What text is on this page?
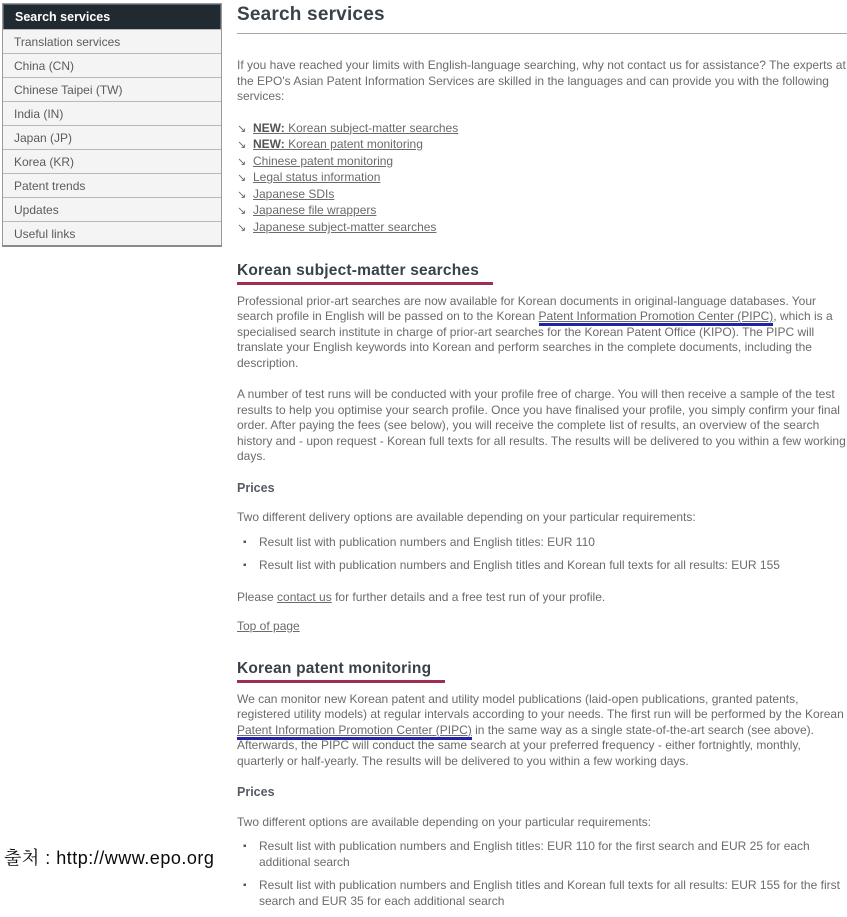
Search services
Translation services
China (CN)
Chinese Taipei (TW)
India (IN)
Japan (JP)
Korea (KR)
Patent trends
Updates
Useful links
Search services

If you have reached your limits with English-language searching, why not contact us for assistance? The experts at the EPO's Asian Patent Information Services are skilled in the languages and can provide you with the following services:

↘ NEW: Korean subject-matter searches
↘ NEW: Korean patent monitoring
↘ Chinese patent monitoring
↘ Legal status information
↘ Japanese SDIs
↘ Japanese file wrappers
↘ Japanese subject-matter searches
Korean subject-matter searches

Professional prior-art searches are now available for Korean documents in original-language databases. Your search profile in English will be passed on to the Korean Patent Information Promotion Center (PIPC), which is a specialised search institute in charge of prior-art searches for the Korean Patent Office (KIPO). The PIPC will translate your English keywords into Korean and perform searches in the complete documents, including the description.

A number of test runs will be conducted with your profile free of charge. You will then receive a sample of the test results to help you optimise your search profile. Once you have finalised your profile, you simply confirm your final order. After paying the fees (see below), you will receive the complete list of results, an overview of the search history and - upon request - Korean full texts for all results. The results will be delivered to you within a few working days.

Prices

Two different delivery options are available depending on your particular requirements:

▪ Result list with publication numbers and English titles: EUR 110
▪ Result list with publication numbers and English titles and Korean full texts for all results: EUR 155

Please contact us for further details and a free test run of your profile.

Top of page

Korean patent monitoring

We can monitor new Korean patent and utility model publications (laid-open publications, granted patents, registered utility models) at regular intervals according to your needs. The first run will be performed by the Korean Patent Information Promotion Center (PIPC) in the same way as a single state-of-the-art search (see above). Afterwards, the PIPC will conduct the same search at your preferred frequency - either fortnightly, monthly, quarterly or half-yearly. The results will be delivered to you within a few working days.

Prices

Two different options are available depending on your particular requirements:

▪ Result list with publication numbers and English titles: EUR 110 for the first search and EUR 25 for each additional search
▪ Result list with publication numbers and English titles and Korean full texts for all results: EUR 155 for the first search and EUR 35 for each additional search
출처 : http://www.epo.org
